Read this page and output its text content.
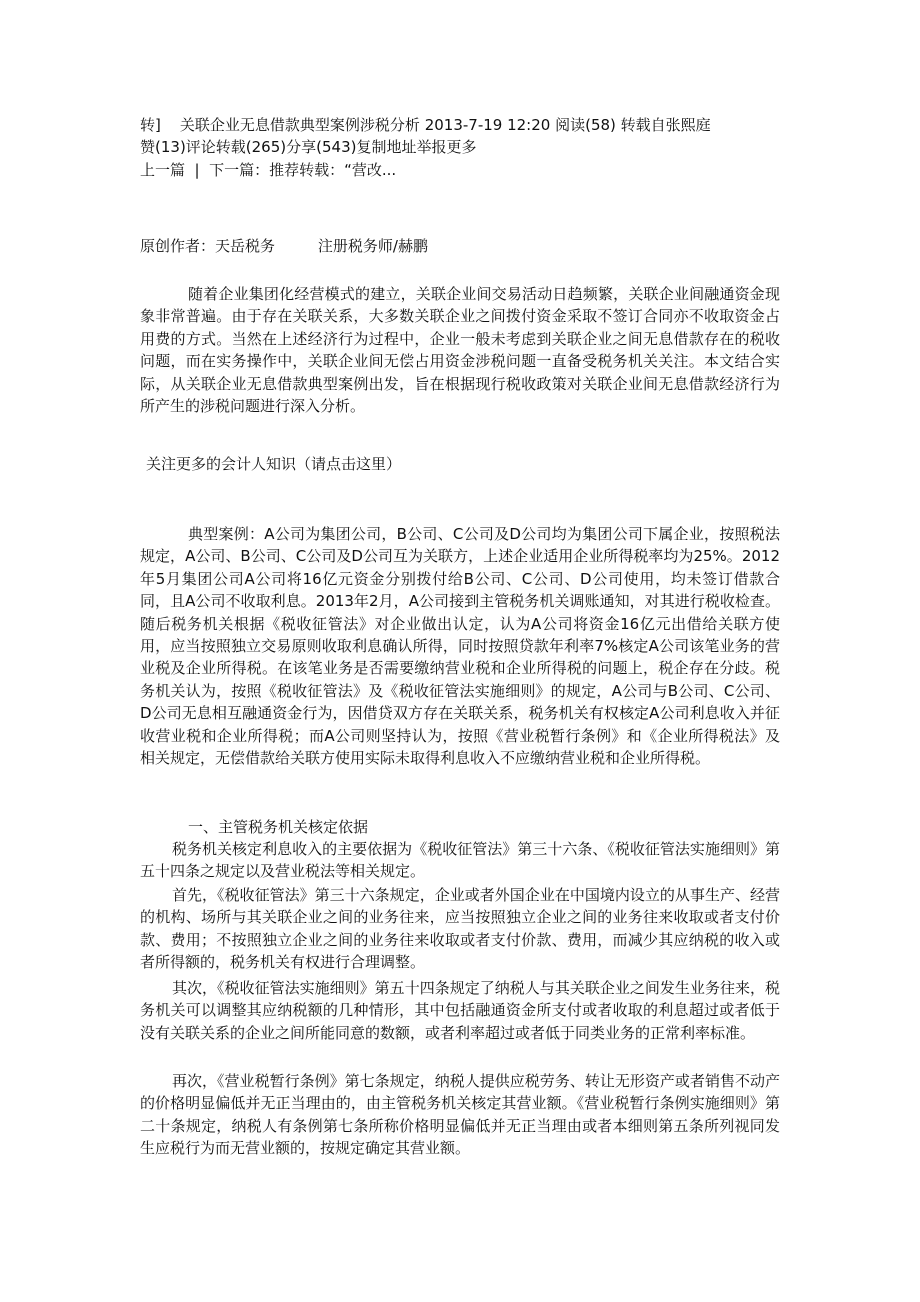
转]    关联企业无息借款典型案例涉税分析 2013-7-19 12:20 阅读(58) 转载自张熙庭
赞(13)评论转载(265)分享(543)复制地址举报更多
上一篇  |  下一篇：推荐转载：“营改...
原创作者：天岳税务         注册税务师/赫鹏
随着企业集团化经营模式的建立，关联企业间交易活动日趋频繁，关联企业间融通资金现象非常普遍。由于存在关联关系，大多数关联企业之间拨付资金采取不签订合同亦不收取资金占用费的方式。当然在上述经济行为过程中，企业一般未考虑到关联企业之间无息借款存在的税收问题，而在实务操作中，关联企业间无偿占用资金涉税问题一直备受税务机关关注。本文结合实际，从关联企业无息借款典型案例出发，旨在根据现行税收政策对关联企业间无息借款经济行为所产生的涉税问题进行深入分析。
关注更多的会计人知识（请点击这里）
典型案例：A公司为集团公司，B公司、C公司及D公司均为集团公司下属企业，按照税法规定，A公司、B公司、C公司及D公司互为关联方，上述企业适用企业所得税率均为25%。2012年5月集团公司A公司将16亿元资金分别拨付给B公司、C公司、D公司使用，均未签订借款合同，且A公司不收取利息。2013年2月，A公司接到主管税务机关调账通知，对其进行税收检查。随后税务机关根据《税收征管法》对企业做出认定，认为A公司将资金16亿元出借给关联方使用，应当按照独立交易原则收取利息确认所得，同时按照贷款年利率7%核定A公司该笔业务的营业税及企业所得税。在该笔业务是否需要缴纳营业税和企业所得税的问题上，税企存在分歧。税务机关认为，按照《税收征管法》及《税收征管法实施细则》的规定，A公司与B公司、C公司、D公司无息相互融通资金行为，因借贷双方存在关联关系，税务机关有权核定A公司利息收入并征收营业税和企业所得税；而A公司则坚持认为，按照《营业税暂行条例》和《企业所得税法》及相关规定，无偿借款给关联方使用实际未取得利息收入不应缴纳营业税和企业所得税。
一、主管税务机关核定依据
税务机关核定利息收入的主要依据为《税收征管法》第三十六条、《税收征管法实施细则》第五十四条之规定以及营业税法等相关规定。
首先，《税收征管法》第三十六条规定，企业或者外国企业在中国境内设立的从事生产、经营的机构、场所与其关联企业之间的业务往来，应当按照独立企业之间的业务往来收取或者支付价款、费用；不按照独立企业之间的业务往来收取或者支付价款、费用，而减少其应纳税的收入或者所得额的，税务机关有权进行合理调整。
其次，《税收征管法实施细则》第五十四条规定了纳税人与其关联企业之间发生业务往来，税务机关可以调整其应纳税额的几种情形，其中包括融通资金所支付或者收取的利息超过或者低于没有关联关系的企业之间所能同意的数额，或者利率超过或者低于同类业务的正常利率标准。
再次，《营业税暂行条例》第七条规定，纳税人提供应税劳务、转让无形资产或者销售不动产的价格明显偏低并无正当理由的，由主管税务机关核定其营业额。《营业税暂行条例实施细则》第二十条规定，纳税人有条例第七条所称价格明显偏低并无正当理由或者本细则第五条所列视同发生应税行为而无营业额的，按规定确定其营业额。
